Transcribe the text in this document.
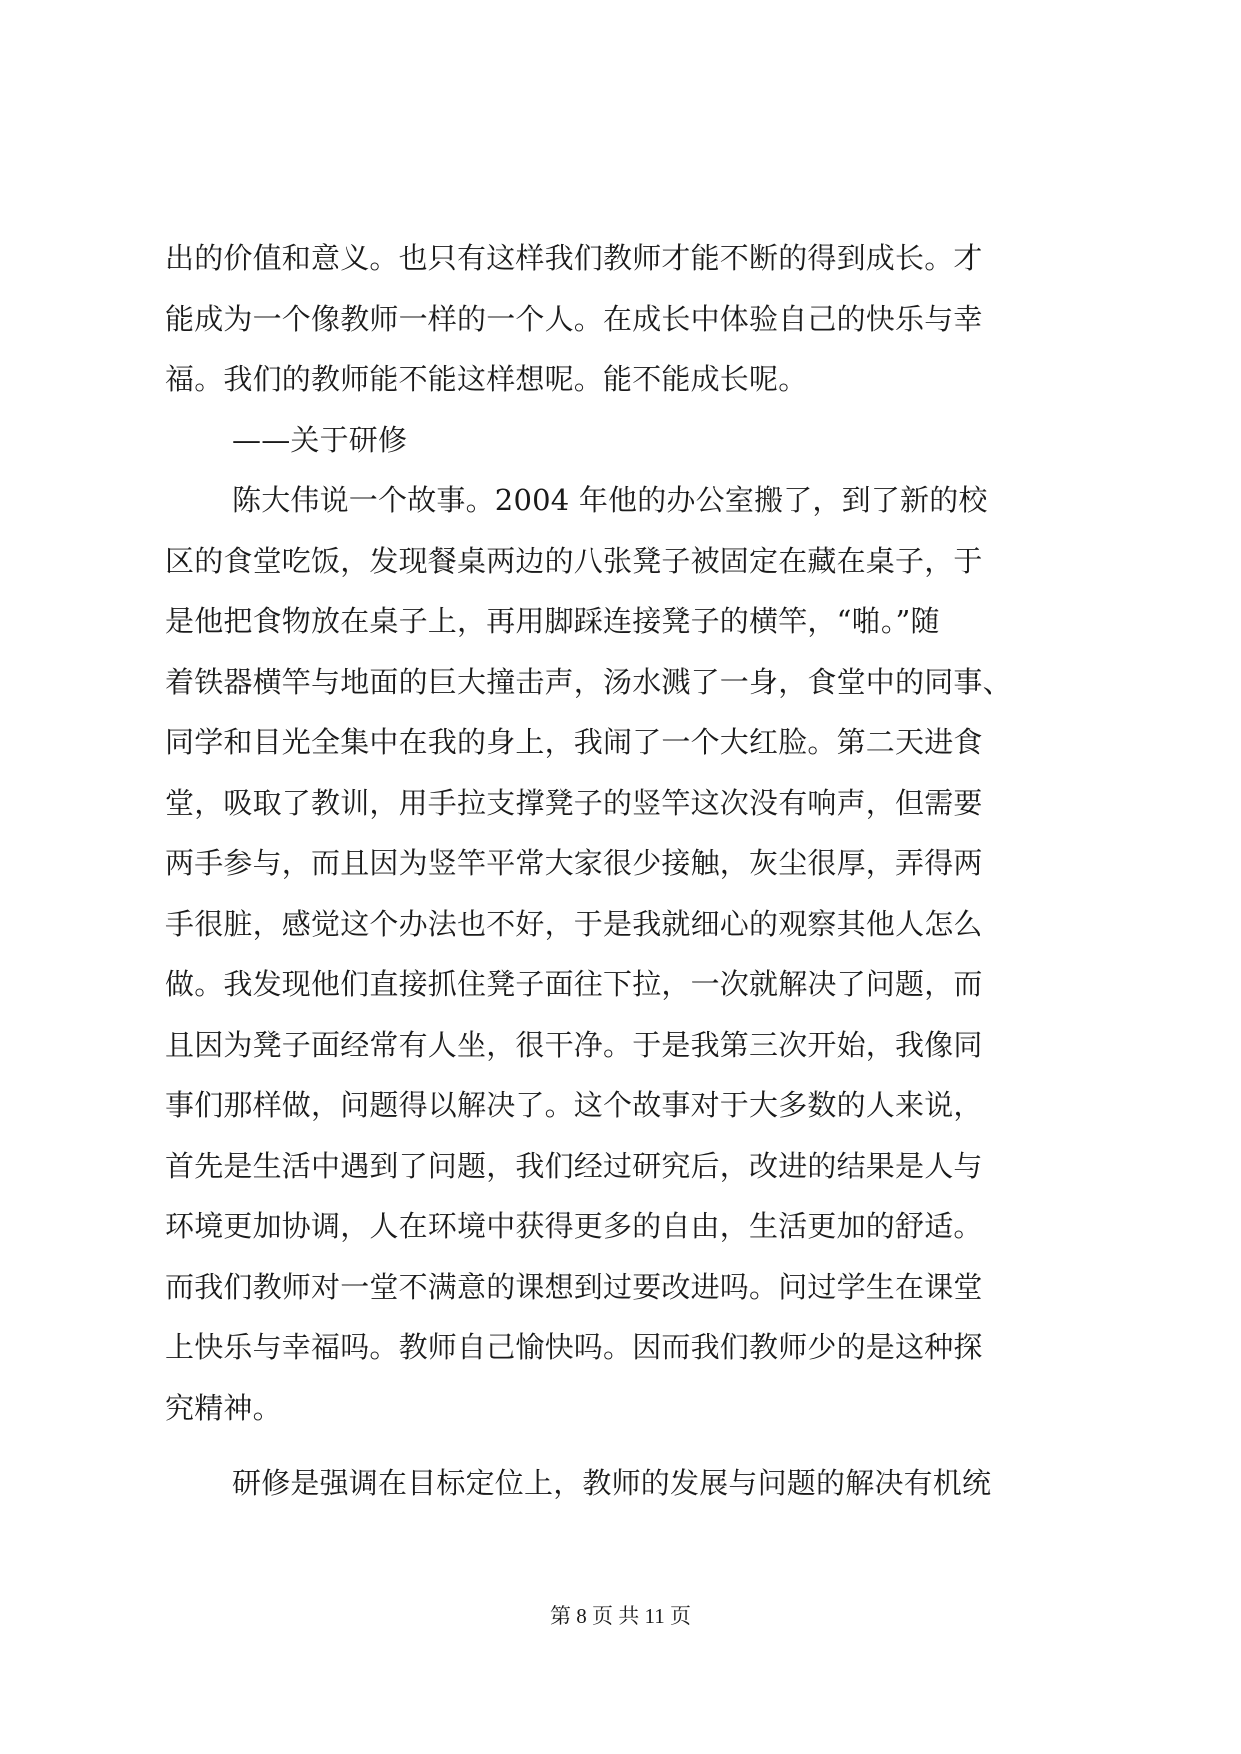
出的价值和意义。也只有这样我们教师才能不断的得到成长。才
能成为一个像教师一样的一个人。在成长中体验自己的快乐与幸
福。我们的教师能不能这样想呢。能不能成长呢。
——关于研修
陈大伟说一个故事。2004 年他的办公室搬了，到了新的校
区的食堂吃饭，发现餐桌两边的八张凳子被固定在藏在桌子，于
是他把食物放在桌子上，再用脚踩连接凳子的横竿，“啪。”随
着铁器横竿与地面的巨大撞击声，汤水溅了一身，食堂中的同事、
同学和目光全集中在我的身上，我闹了一个大红脸。第二天进食
堂，吸取了教训，用手拉支撑凳子的竖竿这次没有响声，但需要
两手参与，而且因为竖竿平常大家很少接触，灰尘很厚，弄得两
手很脏，感觉这个办法也不好，于是我就细心的观察其他人怎么
做。我发现他们直接抓住凳子面往下拉，一次就解决了问题，而
且因为凳子面经常有人坐，很干净。于是我第三次开始，我像同
事们那样做，问题得以解决了。这个故事对于大多数的人来说，
首先是生活中遇到了问题，我们经过研究后，改进的结果是人与
环境更加协调，人在环境中获得更多的自由，生活更加的舒适。
而我们教师对一堂不满意的课想到过要改进吗。问过学生在课堂
上快乐与幸福吗。教师自己愉快吗。因而我们教师少的是这种探
究精神。
研修是强调在目标定位上，教师的发展与问题的解决有机统
第 8 页 共 11 页
